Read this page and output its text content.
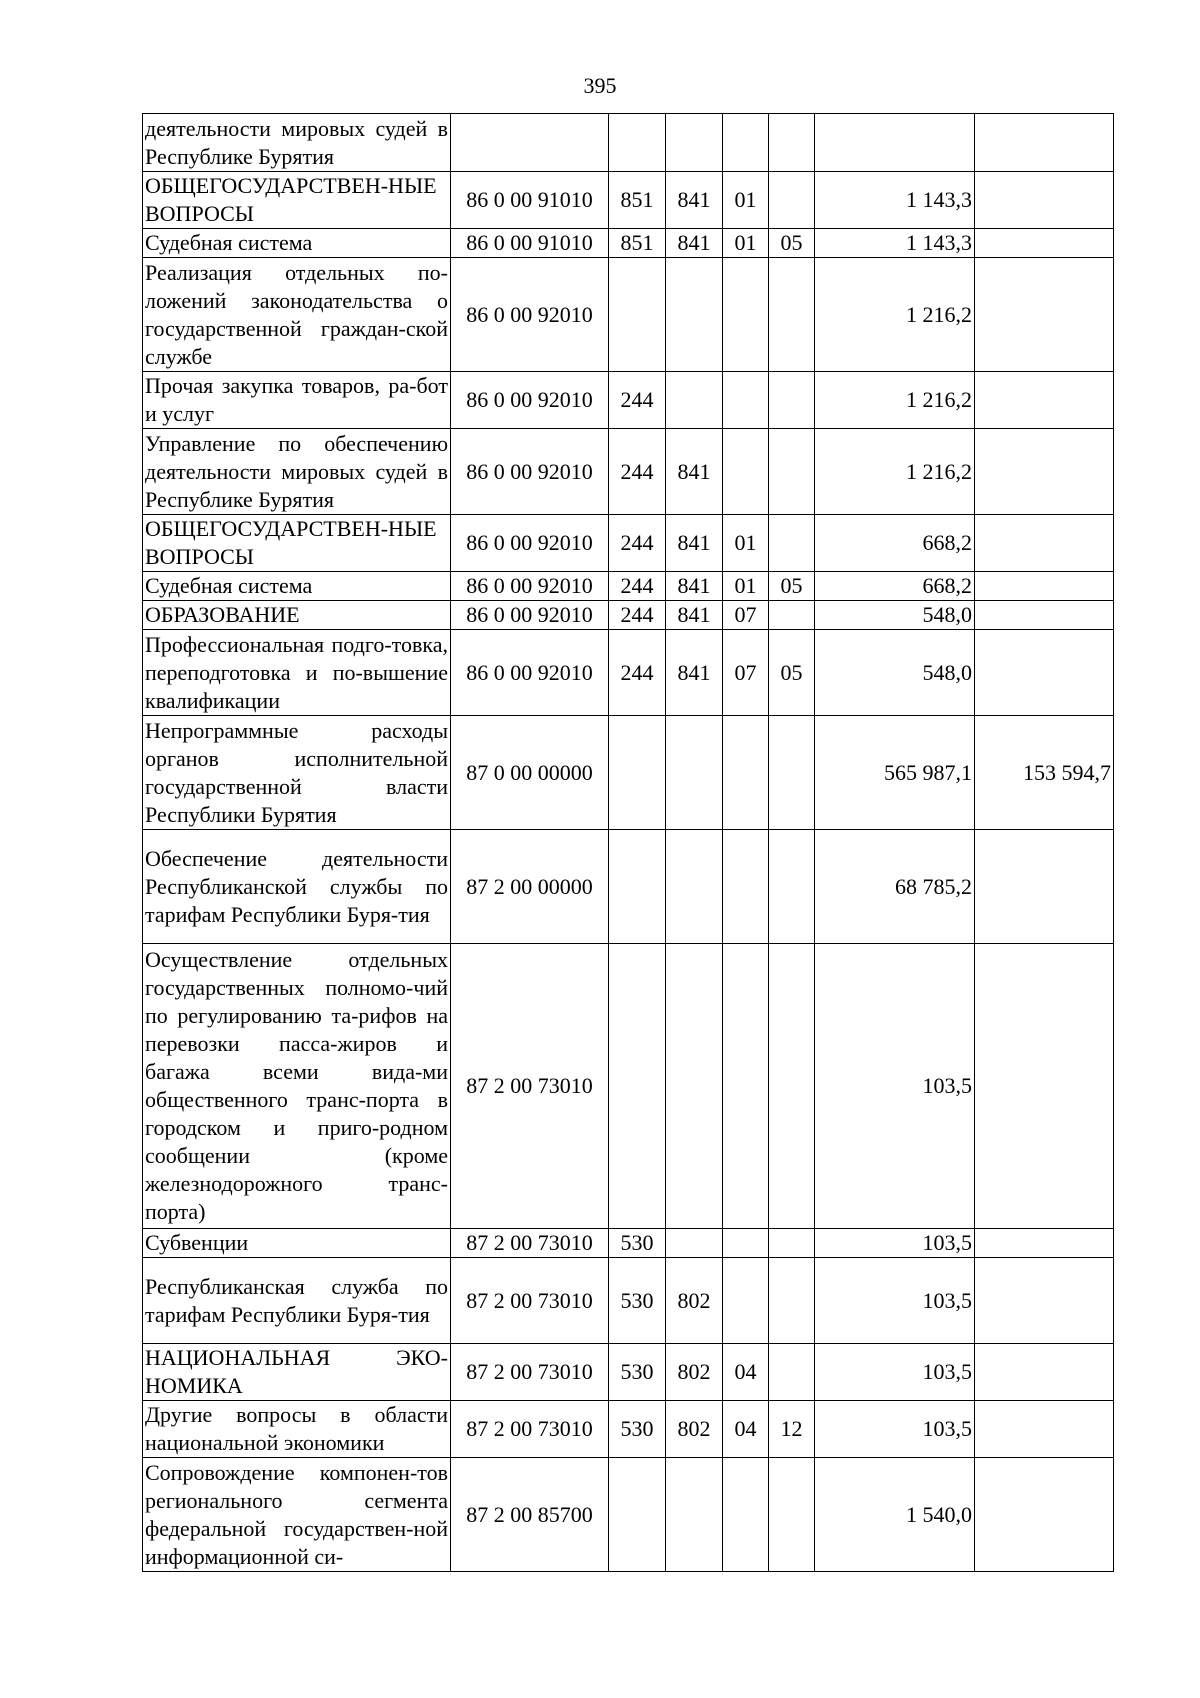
395
деятельности мировых судей в Республике Бурятия							
ОБЩЕГОСУДАРСТВЕН-НЫЕ ВОПРОСЫ	86 0 00 91010	851	841	01		1 143,3	
Судебная система	86 0 00 91010	851	841	01	05	1 143,3	
Реализация отдельных по-ложений законодательства о государственной граждан-ской службе	86 0 00 92010					1 216,2	
Прочая закупка товаров, ра-бот и услуг	86 0 00 92010	244				1 216,2	
Управление по обеспечению деятельности мировых судей в Республике Бурятия	86 0 00 92010	244	841			1 216,2	
ОБЩЕГОСУДАРСТВЕН-НЫЕ ВОПРОСЫ	86 0 00 92010	244	841	01		668,2	
Судебная система	86 0 00 92010	244	841	01	05	668,2	
ОБРАЗОВАНИЕ	86 0 00 92010	244	841	07		548,0	
Профессиональная подго-товка, переподготовка и по-вышение квалификации	86 0 00 92010	244	841	07	05	548,0	
Непрограммные расходы органов исполнительной государственной власти Республики Бурятия	87 0 00 00000					565 987,1	153 594,7
Обеспечение деятельности Республиканской службы по тарифам Республики Буря-тия	87 2 00 00000					68 785,2	
Осуществление отдельных государственных полномо-чий по регулированию та-рифов на перевозки пасса-жиров и багажа всеми вида-ми общественного транс-порта в городском и приго-родном сообщении (кроме железнодорожного транс-порта)	87 2 00 73010					103,5	
Субвенции	87 2 00 73010	530				103,5	
Республиканская служба по тарифам Республики Буря-тия	87 2 00 73010	530	802			103,5	
НАЦИОНАЛЬНАЯ ЭКО-НОМИКА	87 2 00 73010	530	802	04		103,5	
Другие вопросы в области национальной экономики	87 2 00 73010	530	802	04	12	103,5	
Сопровождение компонен-тов регионального сегмента федеральной государствен-ной информационной си-	87 2 00 85700					1 540,0	
